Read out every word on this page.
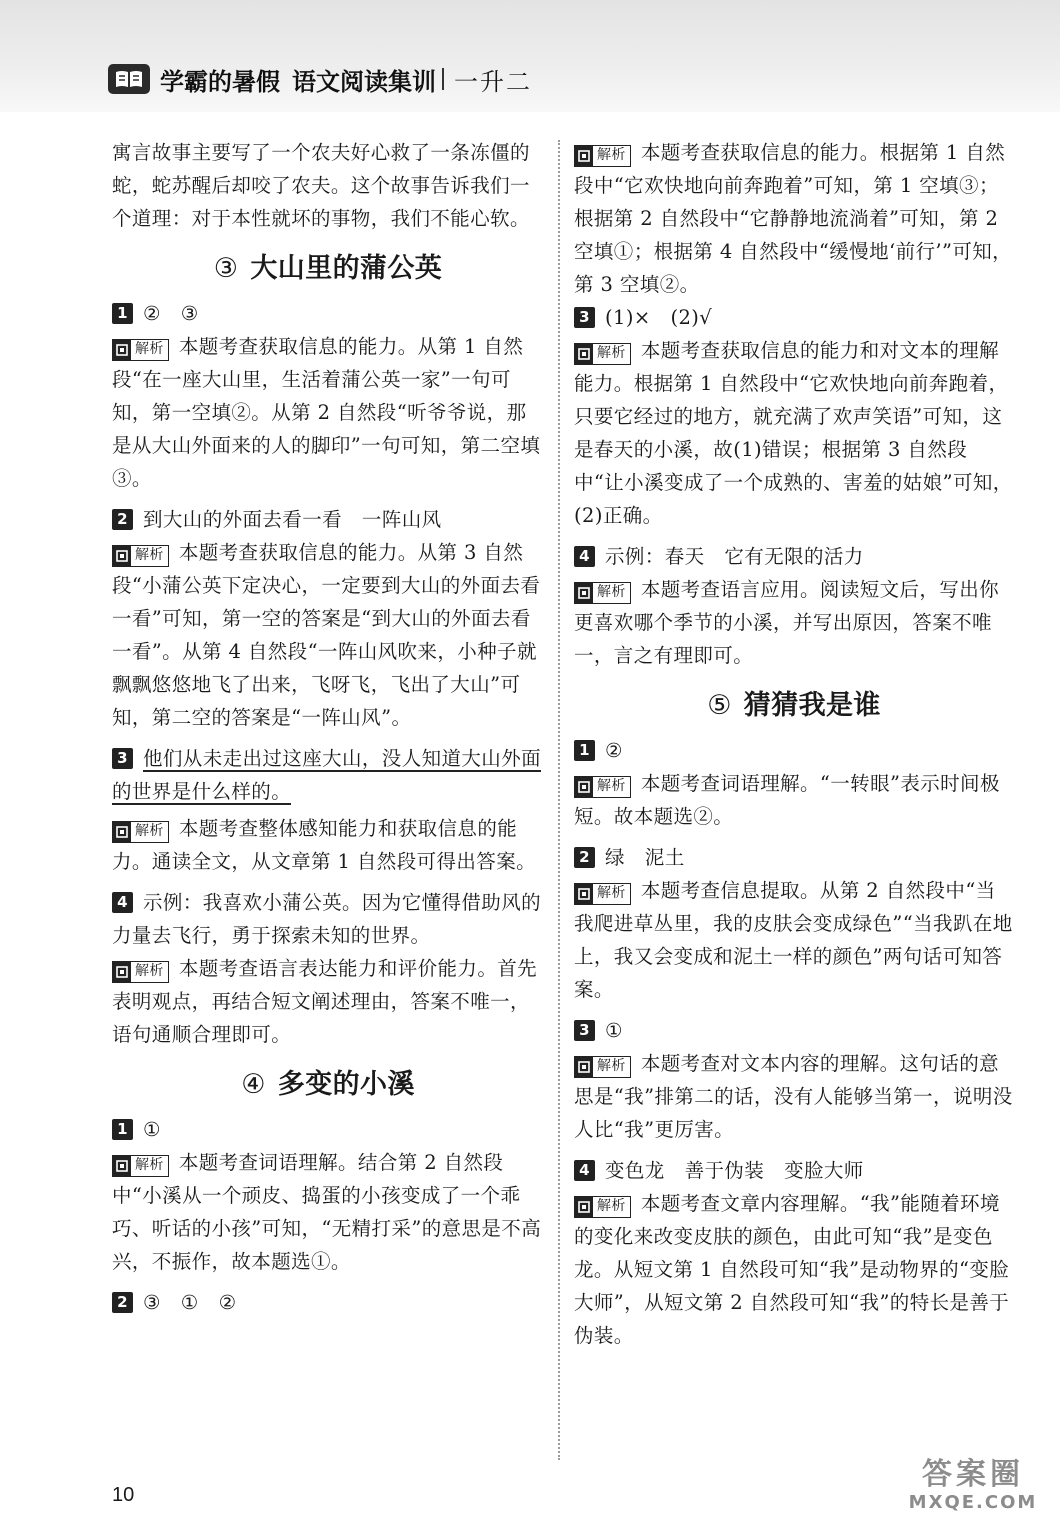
学霸的暑假 语文阅读集训 一升二

寓言故事主要写了一个农夫好心救了一条冻僵的蛇，蛇苏醒后却咬了农夫。这个故事告诉我们一个道理：对于本性就坏的事物，我们不能心软。

③ 大山里的蒲公英

1 ②　③

解析 本题考查获取信息的能力。从第 1 自然段“在一座大山里，生活着蒲公英一家”一句可知，第一空填②。从第 2 自然段“听爷爷说，那是从大山外面来的人的脚印”一句可知，第二空填③。

2 到大山的外面去看一看　一阵山风

解析 本题考查获取信息的能力。从第 3 自然段“小蒲公英下定决心，一定要到大山的外面去看一看”可知，第一空的答案是“到大山的外面去看一看”。从第 4 自然段“一阵山风吹来，小种子就飘飘悠悠地飞了出来，飞呀飞，飞出了大山”可知，第二空的答案是“一阵山风”。

3 他们从未走出过这座大山，没人知道大山外面的世界是什么样的。

解析 本题考查整体感知能力和获取信息的能力。通读全文，从文章第 1 自然段可得出答案。

4 示例：我喜欢小蒲公英。因为它懂得借助风的力量去飞行，勇于探索未知的世界。

解析 本题考查语言表达能力和评价能力。首先表明观点，再结合短文阐述理由，答案不唯一，语句通顺合理即可。

④ 多变的小溪

1 ①

解析 本题考查词语理解。结合第 2 自然段中“小溪从一个顽皮、捣蛋的小孩变成了一个乖巧、听话的小孩”可知，“无精打采”的意思是不高兴，不振作，故本题选①。

2 ③　①　②

解析 本题考查获取信息的能力。根据第 1 自然段中“它欢快地向前奔跑着”可知，第 1 空填③；根据第 2 自然段中“它静静地流淌着”可知，第 2 空填①；根据第 4 自然段中“缓慢地‘前行’”可知，第 3 空填②。

3 (1)×　(2)√

解析 本题考查获取信息的能力和对文本的理解能力。根据第 1 自然段中“它欢快地向前奔跑着，只要它经过的地方，就充满了欢声笑语”可知，这是春天的小溪，故(1)错误；根据第 3 自然段中“让小溪变成了一个成熟的、害羞的姑娘”可知，(2)正确。

4 示例：春天　它有无限的活力

解析 本题考查语言应用。阅读短文后，写出你更喜欢哪个季节的小溪，并写出原因，答案不唯一，言之有理即可。

⑤ 猜猜我是谁

1 ②

解析 本题考查词语理解。“一转眼”表示时间极短。故本题选②。

2 绿　泥土

解析 本题考查信息提取。从第 2 自然段中“当我爬进草丛里，我的皮肤会变成绿色”“当我趴在地上，我又会变成和泥土一样的颜色”两句话可知答案。

3 ①

解析 本题考查对文本内容的理解。这句话的意思是“我”排第二的话，没有人能够当第一，说明没人比“我”更厉害。

4 变色龙　善于伪装　变脸大师

解析 本题考查文章内容理解。“我”能随着环境的变化来改变皮肤的颜色，由此可知“我”是变色龙。从短文第 1 自然段可知“我”是动物界的“变脸大师”，从短文第 2 自然段可知“我”的特长是善于伪装。

10
答案圈
MXQE.COM
